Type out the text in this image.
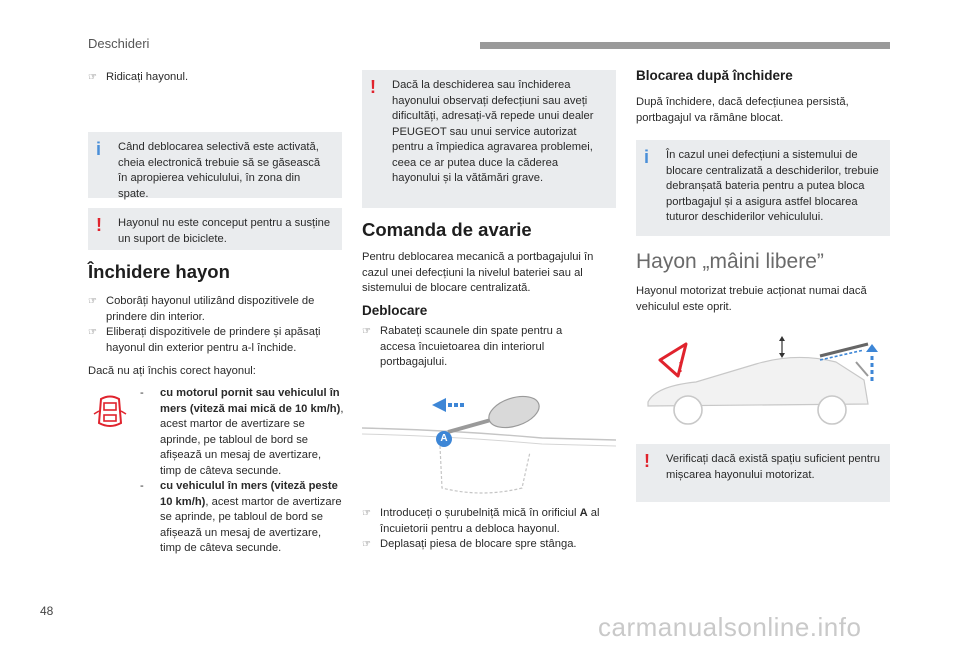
Deschideri
☞ Ridicați hayonul.
i Când deblocarea selectivă este activată, cheia electronică trebuie să se găsească în apropierea vehiculului, în zona din spate.
! Hayonul nu este conceput pentru a susține un suport de biciclete.
Închidere hayon
☞ Coborâți hayonul utilizând dispozitivele de prindere din interior.
☞ Eliberați dispozitivele de prindere și apăsați hayonul din exterior pentru a-l închide.

Dacă nu ați închis corect hayonul:

-	cu motorul pornit sau vehiculul în mers (viteză mai mică de 10 km/h), acest martor de avertizare se aprinde, pe tabloul de bord se afișează un mesaj de avertizare, timp de câteva secunde.
-	cu vehiculul în mers (viteză peste 10 km/h), acest martor de avertizare se aprinde, pe tabloul de bord se afișează un mesaj de avertizare, timp de câteva secunde.
! Dacă la deschiderea sau închiderea hayonului observați defecțiuni sau aveți dificultăți, adresați-vă repede unui dealer PEUGEOT sau unui service autorizat pentru a împiedica agravarea problemei, ceea ce ar putea duce la căderea hayonului și la vătămări grave.
Comanda de avarie

Pentru deblocarea mecanică a portbagajului în cazul unei defecțiuni la nivelul bateriei sau al sistemului de blocare centralizată.

Deblocare
☞ Rabateți scaunele din spate pentru a accesa încuietoarea din interiorul portbagajului.
A
☞ Introduceți o șurubelniță mică în orificiul A al încuietorii pentru a debloca hayonul.
☞ Deplasați piesa de blocare spre stânga.
Blocarea după închidere

După închidere, dacă defecțiunea persistă, portbagajul va rămâne blocat.

i În cazul unei defecțiuni a sistemului de blocare centralizată a deschiderilor, trebuie debranșată bateria pentru a putea bloca portbagajul și a asigura astfel blocarea tuturor deschiderilor vehiculului.
Hayon „mâini libere”

Hayonul motorizat trebuie acționat numai dacă vehiculul este oprit.

!
! Verificați dacă există spațiu suficient pentru mișcarea hayonului motorizat.
48
carmanualsonline.info
